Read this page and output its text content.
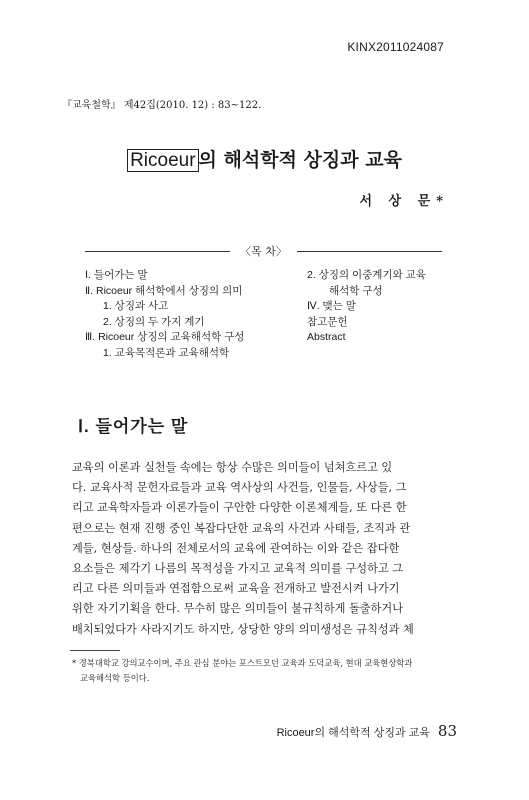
KINX2011024087
『교육철학』 제42집(2010. 12) : 83~122.
Ricoeur 의 해석학적 상징과 교육
서 상 문*
〈목 차〉
Ⅰ. 들어가는 말
Ⅱ. Ricoeur 해석학에서 상징의 의미
1. 상징과 사고
2. 상징의 두 가지 계기
Ⅲ. Ricoeur 상징의 교육해석학 구성
1. 교육목적론과 교육해석학
2. 상징의 이중계기와 교육
해석학 구성
Ⅳ. 맺는 말
참고문헌
Abstract
Ⅰ. 들어가는 말
교육의 이론과 실천들 속에는 항상 수많은 의미들이 넘쳐흐르고 있
다. 교육사적 문헌자료들과 교육 역사상의 사건들, 인물들, 사상들, 그
리고 교육학자들과 이론가들이 구안한 다양한 이론체계들, 또 다른 한
편으로는 현재 진행 중인 복잡다단한 교육의 사건과 사태들, 조직과 관
계들, 현상들. 하나의 전체로서의 교육에 관여하는 이와 같은 잡다한
요소들은 제각기 나름의 목적성을 가지고 교육적 의미를 구성하고 그
리고 다른 의미들과 연접함으로써 교육을 전개하고 발전시켜 나가기
위한 자기기획을 한다. 무수히 많은 의미들이 불규칙하게 돌출하거나
배치되었다가 사라지기도 하지만, 상당한 양의 의미생성은 규칙성과 체
* 경북대학교 강의교수이며, 주요 관심 분야는 포스트모던 교육과 도덕교육, 현대 교육현상학과
교육해석학 등이다.
Ricoeur의 해석학적 상징과 교육 83
